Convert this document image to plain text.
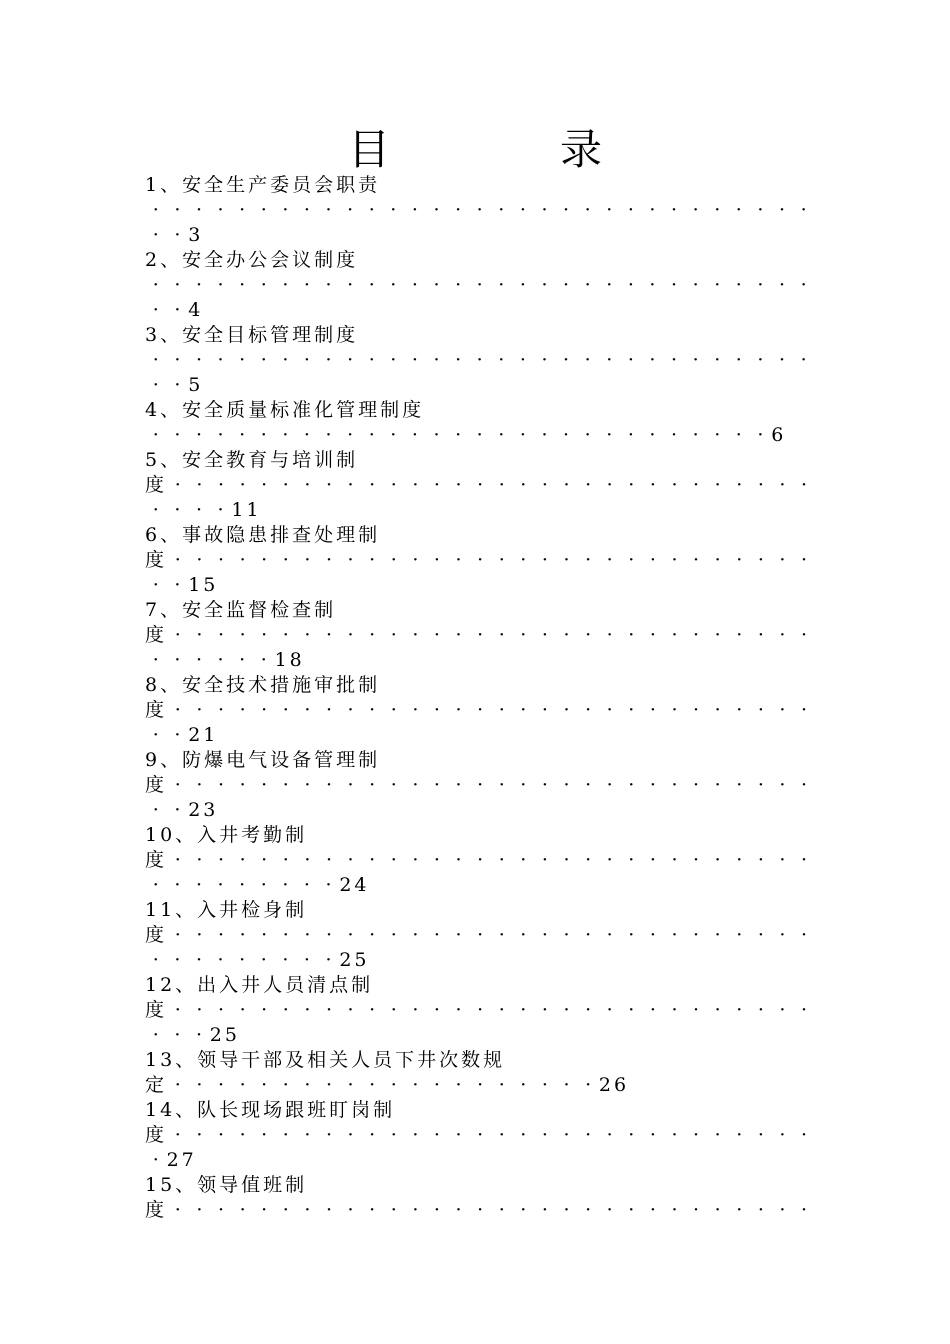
目	录
1、安全生产委员会职责
· · · · · · · · · · · · · · · · · · · · · · · · · · · · · · ·
· · 3
2、安全办公会议制度
· · · · · · · · · · · · · · · · · · · · · · · · · · · · · · ·
· · 4
3、安全目标管理制度
· · · · · · · · · · · · · · · · · · · · · · · · · · · · · · ·
· · 5
4、安全质量标准化管理制度
· · · · · · · · · · · · · · · · · · · · · · · · · · · · · 6
5、安全教育与培训制
度 · · · · · · · · · · · · · · · · · · · · · · · · · · · · · ·
· · · · 11
6、事故隐患排查处理制
度 · · · · · · · · · · · · · · · · · · · · · · · · · · · · · ·
· · 15
7、安全监督检查制
度 · · · · · · · · · · · · · · · · · · · · · · · · · · · · · ·
· · · · · · 18
8、安全技术措施审批制
度 · · · · · · · · · · · · · · · · · · · · · · · · · · · · · ·
· · 21
9、防爆电气设备管理制
度 · · · · · · · · · · · · · · · · · · · · · · · · · · · · · ·
· · 23
10、入井考勤制
度 · · · · · · · · · · · · · · · · · · · · · · · · · · · · · ·
· · · · · · · · · 24
11、入井检身制
度 · · · · · · · · · · · · · · · · · · · · · · · · · · · · · ·
· · · · · · · · · 25
12、出入井人员清点制
度 · · · · · · · · · · · · · · · · · · · · · · · · · · · · · ·
· · · 25
13、领导干部及相关人员下井次数规
定 · · · · · · · · · · · · · · · · · · · · 26
14、队长现场跟班盯岗制
度 · · · · · · · · · · · · · · · · · · · · · · · · · · · · · ·
· 27
15、领导值班制
度 · · · · · · · · · · · · · · · · · · · · · · · · · · · · · ·
